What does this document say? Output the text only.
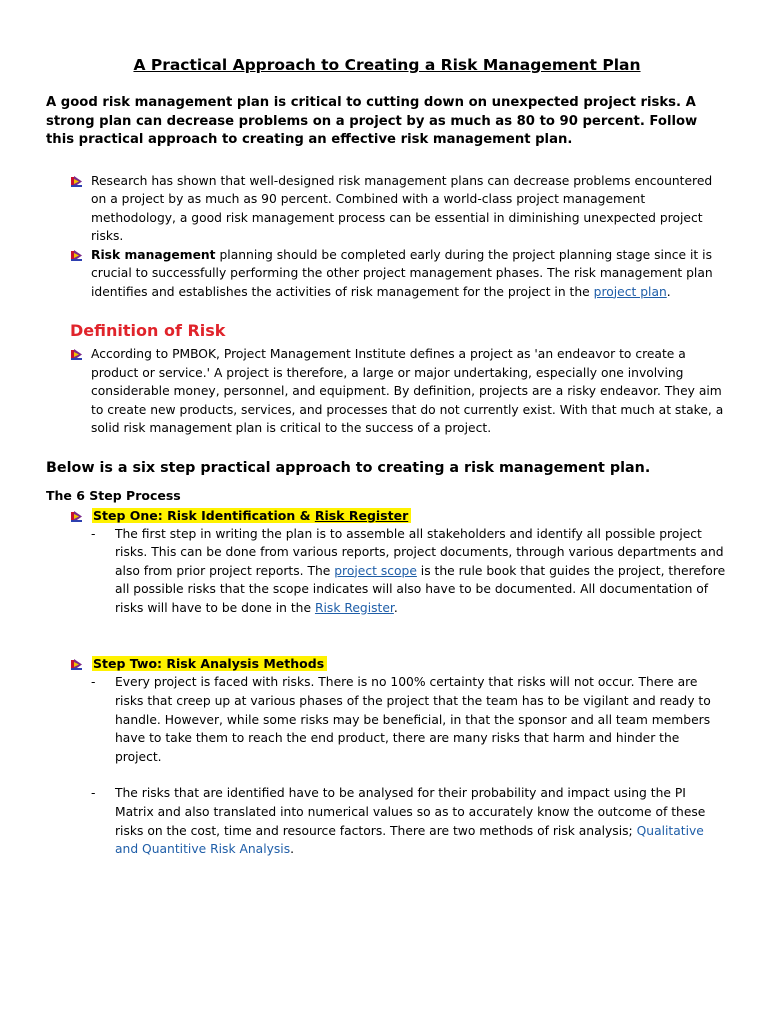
A Practical Approach to Creating a Risk Management Plan

A good risk management plan is critical to cutting down on unexpected project risks. A strong plan can decrease problems on a project by as much as 80 to 90 percent. Follow this practical approach to creating an effective risk management plan.

Research has shown that well-designed risk management plans can decrease problems encountered on a project by as much as 90 percent. Combined with a world-class project management methodology, a good risk management process can be essential in diminishing unexpected project risks.
Risk management planning should be completed early during the project planning stage since it is crucial to successfully performing the other project management phases. The risk management plan identifies and establishes the activities of risk management for the project in the project plan.
Definition of Risk
According to PMBOK, Project Management Institute defines a project as 'an endeavor to create a product or service.' A project is therefore, a large or major undertaking, especially one involving considerable money, personnel, and equipment. By definition, projects are a risky endeavor. They aim to create new products, services, and processes that do not currently exist. With that much at stake, a solid risk management plan is critical to the success of a project.
Below is a six step practical approach to creating a risk management plan.
The 6 Step Process
Step One: Risk Identification & Risk Register
- The first step in writing the plan is to assemble all stakeholders and identify all possible project risks. This can be done from various reports, project documents, through various departments and also from prior project reports. The project scope is the rule book that guides the project, therefore all possible risks that the scope indicates will also have to be documented. All documentation of risks will have to be done in the Risk Register.
Step Two: Risk Analysis Methods
- Every project is faced with risks. There is no 100% certainty that risks will not occur. There are risks that creep up at various phases of the project that the team has to be vigilant and ready to handle. However, while some risks may be beneficial, in that the sponsor and all team members have to take them to reach the end product, there are many risks that harm and hinder the project.
- The risks that are identified have to be analysed for their probability and impact using the PI Matrix and also translated into numerical values so as to accurately know the outcome of these risks on the cost, time and resource factors. There are two methods of risk analysis; Qualitative and Quantitive Risk Analysis.
